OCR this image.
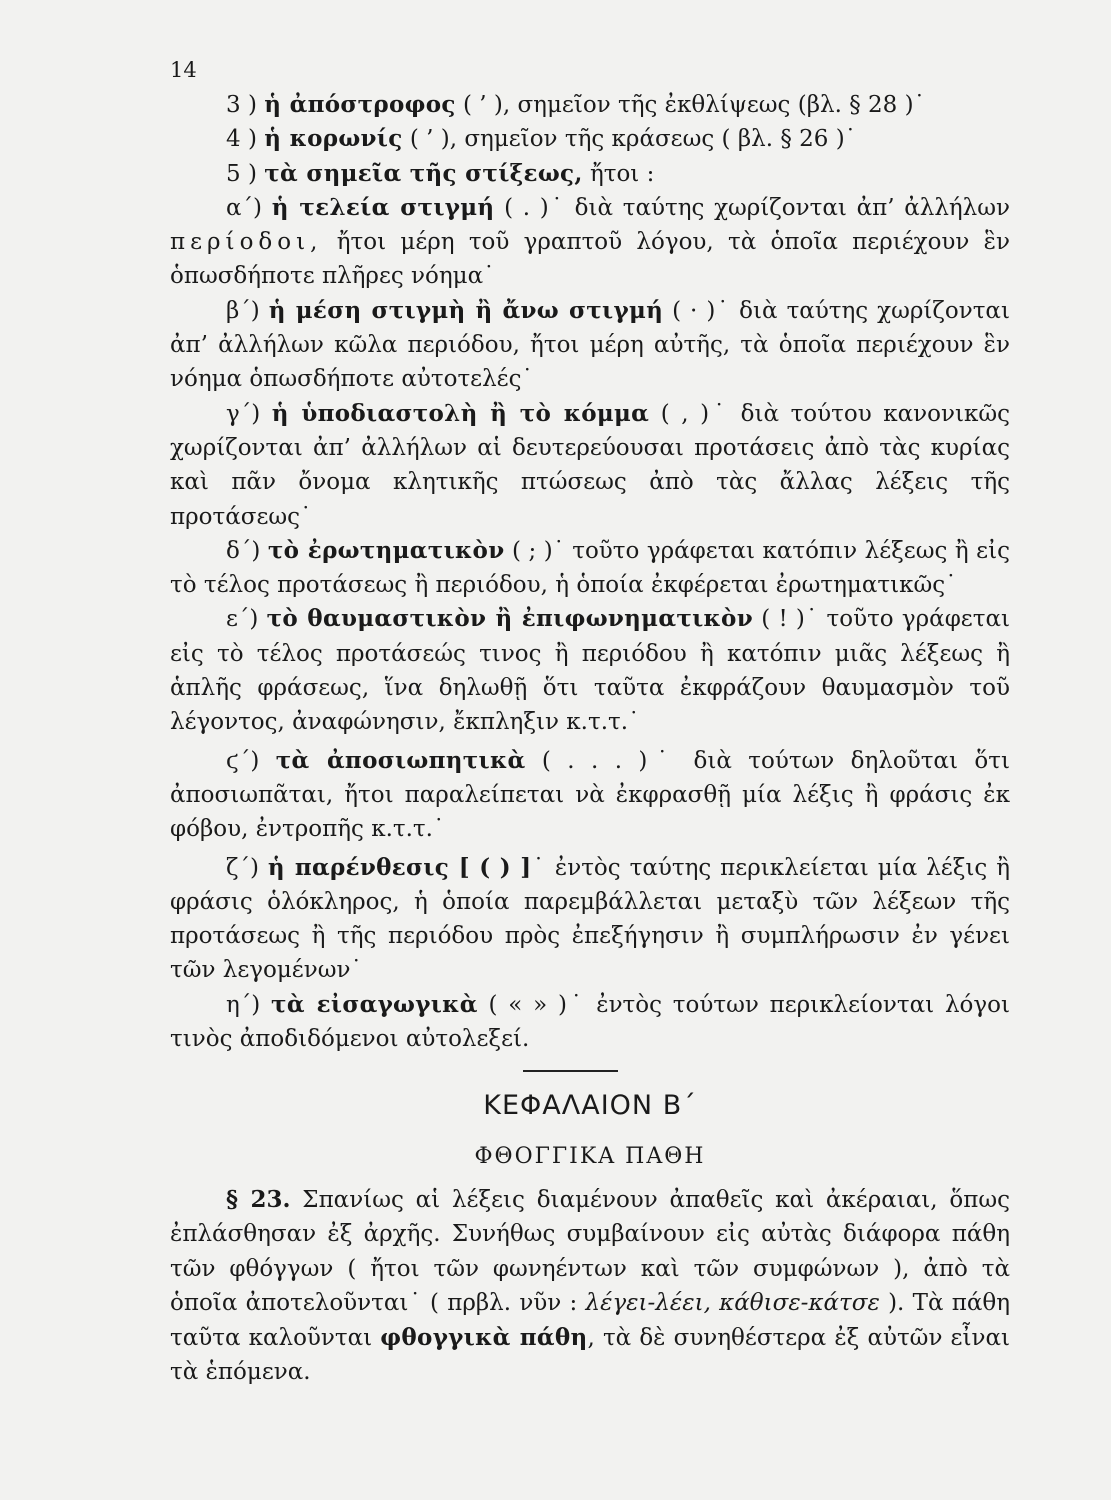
14

3 ) ἡ ἀπόστροφος ( ’ ), σημεῖον τῆς ἐκθλίψεως (βλ. § 28 )˙

4 ) ἡ κορωνίς ( ’ ), σημεῖον τῆς κράσεως ( βλ. § 26 )˙

5 ) τὰ σημεῖα τῆς στίξεως, ἤτοι :

α΄) ἡ τελεία στιγμή ( . )˙ διὰ ταύτης χωρίζονται ἀπ’ ἀλλήλων περίοδοι, ἤτοι μέρη τοῦ γραπτοῦ λόγου, τὰ ὁποῖα περιέχουν ἓν ὁπωσδήποτε πλῆρες νόημα˙

β΄) ἡ μέση στιγμὴ ἢ ἄνω στιγμή ( · )˙ διὰ ταύτης χωρίζονται ἀπ’ ἀλλήλων κῶλα περιόδου, ἤτοι μέρη αὐτῆς, τὰ ὁποῖα περιέχουν ἓν νόημα ὁπωσδήποτε αὐτοτελές˙

γ΄) ἡ ὑποδιαστολὴ ἢ τὸ κόμμα ( , )˙ διὰ τούτου κανονικῶς χωρίζονται ἀπ’ ἀλλήλων αἱ δευτερεύουσαι προτάσεις ἀπὸ τὰς κυρίας καὶ πᾶν ὄνομα κλητικῆς πτώσεως ἀπὸ τὰς ἄλλας λέξεις τῆς προτάσεως˙

δ΄) τὸ ἐρωτηματικὸν ( ; )˙ τοῦτο γράφεται κατόπιν λέξεως ἢ εἰς τὸ τέλος προτάσεως ἢ περιόδου, ἡ ὁποία ἐκφέρεται ἐρωτηματικῶς˙

ε΄) τὸ θαυμαστικὸν ἢ ἐπιφωνηματικὸν ( ! )˙ τοῦτο γράφεται εἰς τὸ τέλος προτάσεώς τινος ἢ περιόδου ἢ κατόπιν μιᾶς λέξεως ἢ ἁπλῆς φράσεως, ἵνα δηλωθῇ ὅτι ταῦτα ἐκφράζουν θαυμασμὸν τοῦ λέγοντος, ἀναφώνησιν, ἔκπληξιν κ.τ.τ.˙

ϛ΄) τὰ ἀποσιωπητικὰ ( . . . )˙ διὰ τούτων δηλοῦται ὅτι ἀποσιωπᾶται, ἤτοι παραλείπεται νὰ ἐκφρασθῇ μία λέξις ἢ φράσις ἐκ φόβου, ἐντροπῆς κ.τ.τ.˙

ζ΄) ἡ παρένθεσις [ ( ) ]˙ ἐντὸς ταύτης περικλείεται μία λέξις ἢ φράσις ὁλόκληρος, ἡ ὁποία παρεμβάλλεται μεταξὺ τῶν λέξεων τῆς προτάσεως ἢ τῆς περιόδου πρὸς ἐπεξήγησιν ἢ συμπλήρωσιν ἐν γένει τῶν λεγομένων˙

η΄) τὰ εἰσαγωγικὰ ( « » )˙ ἐντὸς τούτων περικλείονται λόγοι τινὸς ἀποδιδόμενοι αὐτολεξεί.

ΚΕΦΑΛΑΙΟΝ Β΄
ΦΘΟΓΓΙΚΑ ΠΑΘΗ

§ 23. Σπανίως αἱ λέξεις διαμένουν ἀπαθεῖς καὶ ἀκέραιαι, ὅπως ἐπλάσθησαν ἐξ ἀρχῆς. Συνήθως συμβαίνουν εἰς αὐτὰς διάφορα πάθη τῶν φθόγγων ( ἤτοι τῶν φωνηέντων καὶ τῶν συμφώνων ), ἀπὸ τὰ ὁποῖα ἀποτελοῦνται˙ ( πρβλ. νῦν : λέγει-λέει, κάθισε-κάτσε ). Τὰ πάθη ταῦτα καλοῦνται φθογγικὰ πάθη, τὰ δὲ συνηθέστερα ἐξ αὐτῶν εἶναι τὰ ἑπόμενα.
